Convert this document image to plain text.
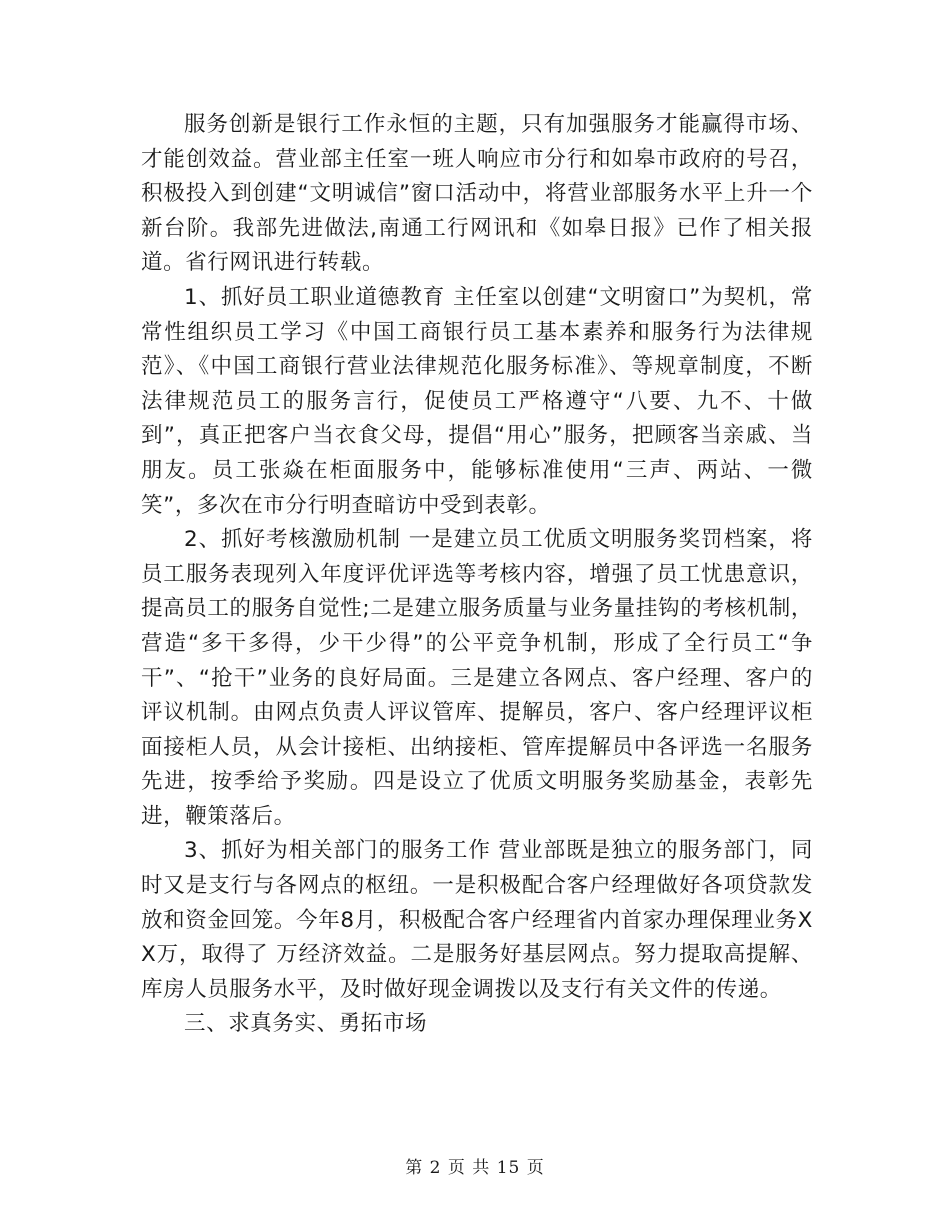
服务创新是银行工作永恒的主题，只有加强服务才能赢得市场、才能创效益。营业部主任室一班人响应市分行和如皋市政府的号召，积极投入到创建“文明诚信”窗口活动中，将营业部服务水平上升一个新台阶。我部先进做法,南通工行网讯和《如皋日报》已作了相关报道。省行网讯进行转载。

1、抓好员工职业道德教育 主任室以创建“文明窗口”为契机，常常性组织员工学习《中国工商银行员工基本素养和服务行为法律规范》、《中国工商银行营业法律规范化服务标准》、等规章制度，不断法律规范员工的服务言行，促使员工严格遵守“八要、九不、十做到”，真正把客户当衣食父母，提倡“用心”服务，把顾客当亲戚、当朋友。员工张焱在柜面服务中，能够标准使用“三声、两站、一微笑”，多次在市分行明查暗访中受到表彰。

2、抓好考核激励机制 一是建立员工优质文明服务奖罚档案，将员工服务表现列入年度评优评选等考核内容，增强了员工忧患意识，提高员工的服务自觉性;二是建立服务质量与业务量挂钩的考核机制，营造“多干多得，少干少得”的公平竞争机制，形成了全行员工“争干”、“抢干”业务的良好局面。三是建立各网点、客户经理、客户的评议机制。由网点负责人评议管库、提解员，客户、客户经理评议柜面接柜人员，从会计接柜、出纳接柜、管库提解员中各评选一名服务先进，按季给予奖励。四是设立了优质文明服务奖励基金，表彰先进，鞭策落后。

3、抓好为相关部门的服务工作 营业部既是独立的服务部门，同时又是支行与各网点的枢纽。一是积极配合客户经理做好各项贷款发放和资金回笼。今年8月，积极配合客户经理省内首家办理保理业务XX万，取得了 万经济效益。二是服务好基层网点。努力提取高提解、库房人员服务水平，及时做好现金调拨以及支行有关文件的传递。

三、求真务实、勇拓市场

第 2 页 共 15 页
